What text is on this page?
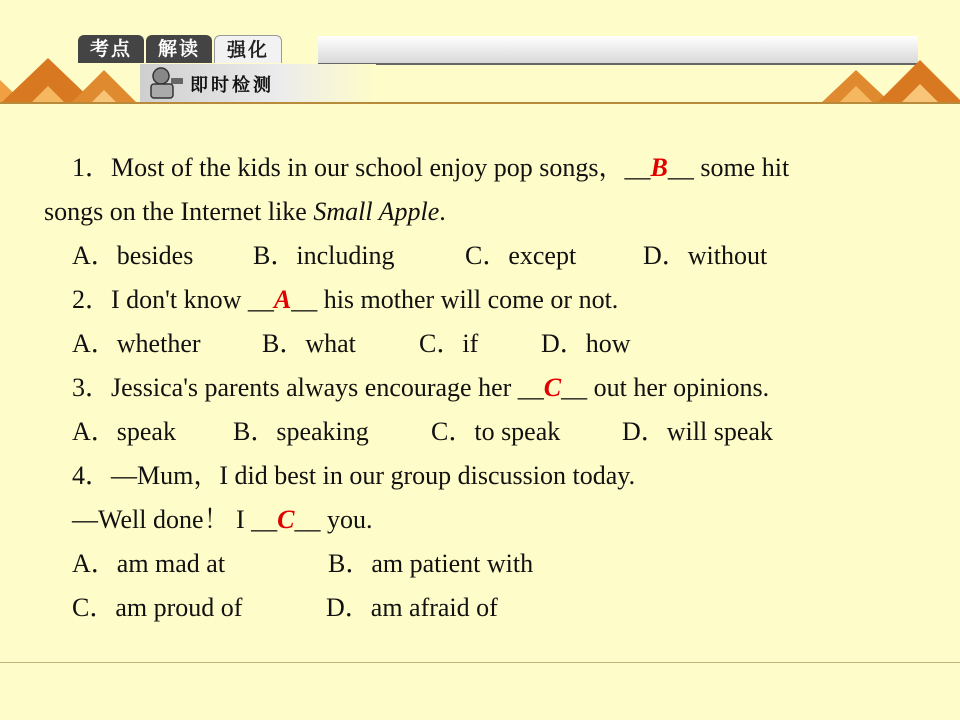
考点	解读	强化
即时检测
1．Most of the kids in our school enjoy pop songs，__B__ some hit
songs on the Internet like Small Apple.
A．besides B．including	C．except	D．without
2．I don't know __A__ his mother will come or not.
A．whether B．what C．if D．how
3．Jessica's parents always encourage her __C__ out her opinions.
A．speak B．speaking C．to speak D．will speak
4．—Mum，I did best in our group discussion today.
—Well done！ I __C__ you.
A．am mad at	B．am patient with
C．am proud of	D．am afraid of
